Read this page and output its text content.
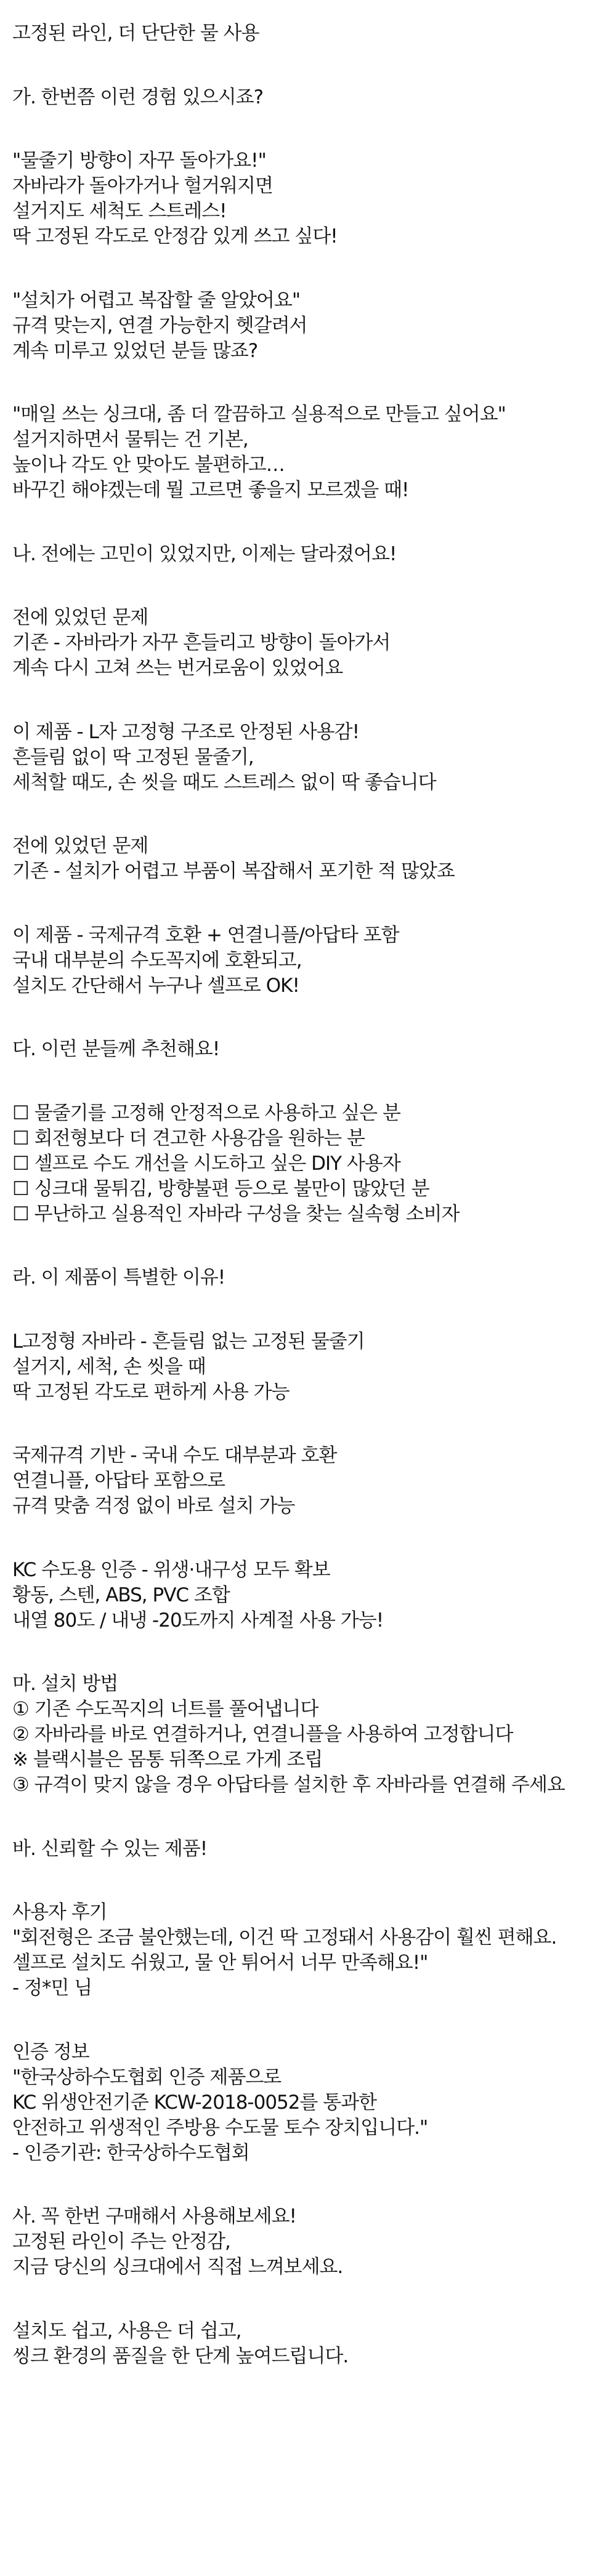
고정된 라인, 더 단단한 물 사용
가. 한번쯤 이런 경험 있으시죠?
"물줄기 방향이 자꾸 돌아가요!"
자바라가 돌아가거나 헐거워지면
설거지도 세척도 스트레스!
딱 고정된 각도로 안정감 있게 쓰고 싶다!
"설치가 어렵고 복잡할 줄 알았어요"
규격 맞는지, 연결 가능한지 헷갈려서
계속 미루고 있었던 분들 많죠?
"매일 쓰는 싱크대, 좀 더 깔끔하고 실용적으로 만들고 싶어요"
설거지하면서 물튀는 건 기본,
높이나 각도 안 맞아도 불편하고…
바꾸긴 해야겠는데 뭘 고르면 좋을지 모르겠을 때!
나. 전에는 고민이 있었지만, 이제는 달라졌어요!
전에 있었던 문제
기존 - 자바라가 자꾸 흔들리고 방향이 돌아가서
계속 다시 고쳐 쓰는 번거로움이 있었어요
이 제품 - L자 고정형 구조로 안정된 사용감!
흔들림 없이 딱 고정된 물줄기,
세척할 때도, 손 씻을 때도 스트레스 없이 딱 좋습니다
전에 있었던 문제
기존 - 설치가 어렵고 부품이 복잡해서 포기한 적 많았죠
이 제품 - 국제규격 호환 + 연결니플/아답타 포함
국내 대부분의 수도꼭지에 호환되고,
설치도 간단해서 누구나 셀프로 OK!
다. 이런 분들께 추천해요!
☐ 물줄기를 고정해 안정적으로 사용하고 싶은 분
☐ 회전형보다 더 견고한 사용감을 원하는 분
☐ 셀프로 수도 개선을 시도하고 싶은 DIY 사용자
☐ 싱크대 물튀김, 방향불편 등으로 불만이 많았던 분
☐ 무난하고 실용적인 자바라 구성을 찾는 실속형 소비자
라. 이 제품이 특별한 이유!
L고정형 자바라 - 흔들림 없는 고정된 물줄기
설거지, 세척, 손 씻을 때
딱 고정된 각도로 편하게 사용 가능
국제규격 기반 - 국내 수도 대부분과 호환
연결니플, 아답타 포함으로
규격 맞춤 걱정 없이 바로 설치 가능
KC 수도용 인증 - 위생·내구성 모두 확보
황동, 스텐, ABS, PVC 조합
내열 80도 / 내냉 -20도까지 사계절 사용 가능!
마. 설치 방법
① 기존 수도꼭지의 너트를 풀어냅니다
② 자바라를 바로 연결하거나, 연결니플을 사용하여 고정합니다
※ 블랙시블은 몸통 뒤쪽으로 가게 조립
③ 규격이 맞지 않을 경우 아답타를 설치한 후 자바라를 연결해 주세요
바. 신뢰할 수 있는 제품!
사용자 후기
"회전형은 조금 불안했는데, 이건 딱 고정돼서 사용감이 훨씬 편해요.
셀프로 설치도 쉬웠고, 물 안 튀어서 너무 만족해요!"
- 정*민 님
인증 정보
"한국상하수도협회 인증 제품으로
KC 위생안전기준 KCW-2018-0052를 통과한
안전하고 위생적인 주방용 수도물 토수 장치입니다."
- 인증기관: 한국상하수도협회
사. 꼭 한번 구매해서 사용해보세요!
고정된 라인이 주는 안정감,
지금 당신의 싱크대에서 직접 느껴보세요.
설치도 쉽고, 사용은 더 쉽고,
씽크 환경의 품질을 한 단계 높여드립니다.
